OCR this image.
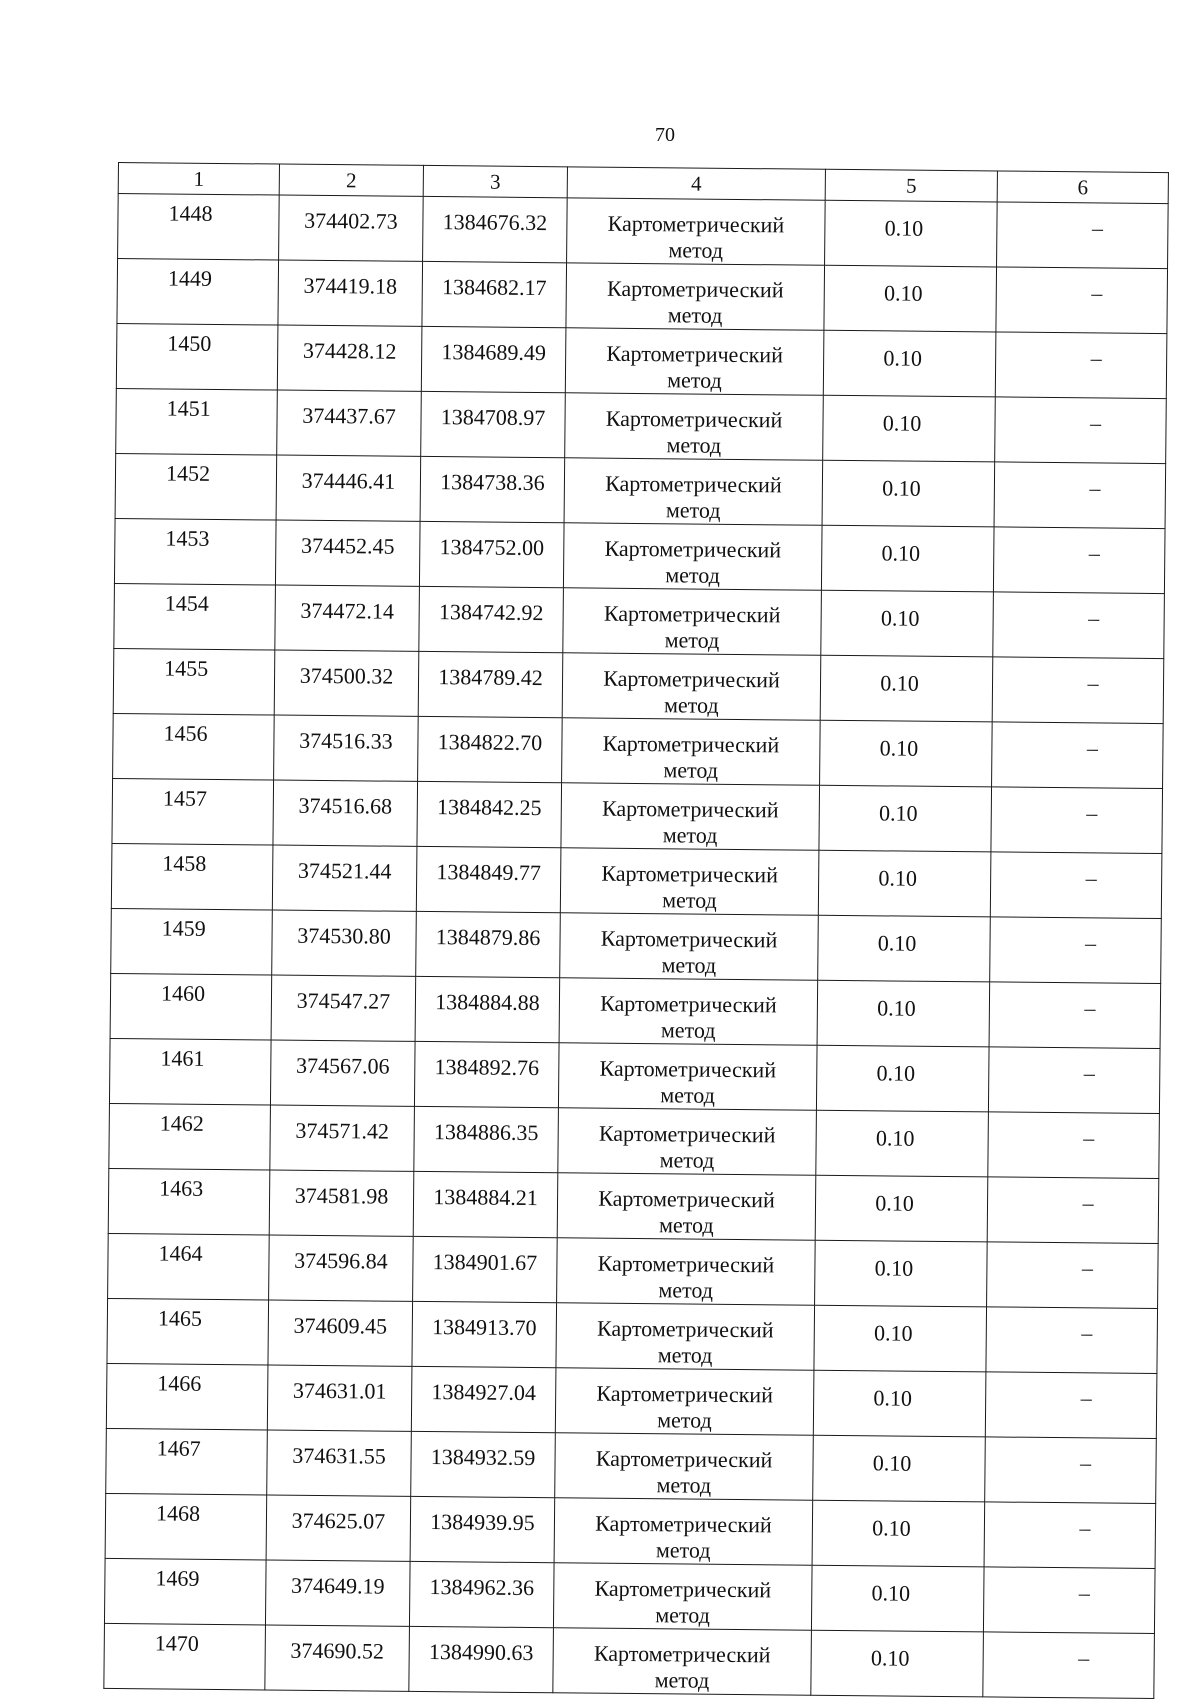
70
1	2	3	4	5	6

1448	374402.73	1384676.32	Картометрический
метод	0.10	–

1449	374419.18	1384682.17	Картометрический
метод	0.10	–

1450	374428.12	1384689.49	Картометрический
метод	0.10	–

1451	374437.67	1384708.97	Картометрический
метод	0.10	–

1452	374446.41	1384738.36	Картометрический
метод	0.10	–

1453	374452.45	1384752.00	Картометрический
метод	0.10	–

1454	374472.14	1384742.92	Картометрический
метод	0.10	–

1455	374500.32	1384789.42	Картометрический
метод	0.10	–

1456	374516.33	1384822.70	Картометрический
метод	0.10	–

1457	374516.68	1384842.25	Картометрический
метод	0.10	–

1458	374521.44	1384849.77	Картометрический
метод	0.10	–

1459	374530.80	1384879.86	Картометрический
метод	0.10	–

1460	374547.27	1384884.88	Картометрический
метод	0.10	–

1461	374567.06	1384892.76	Картометрический
метод	0.10	–

1462	374571.42	1384886.35	Картометрический
метод	0.10	–

1463	374581.98	1384884.21	Картометрический
метод	0.10	–

1464	374596.84	1384901.67	Картометрический
метод	0.10	–

1465	374609.45	1384913.70	Картометрический
метод	0.10	–

1466	374631.01	1384927.04	Картометрический
метод	0.10	–

1467	374631.55	1384932.59	Картометрический
метод	0.10	–

1468	374625.07	1384939.95	Картометрический
метод	0.10	–

1469	374649.19	1384962.36	Картометрический
метод	0.10	–

1470	374690.52	1384990.63	Картометрический
метод	0.10	–
